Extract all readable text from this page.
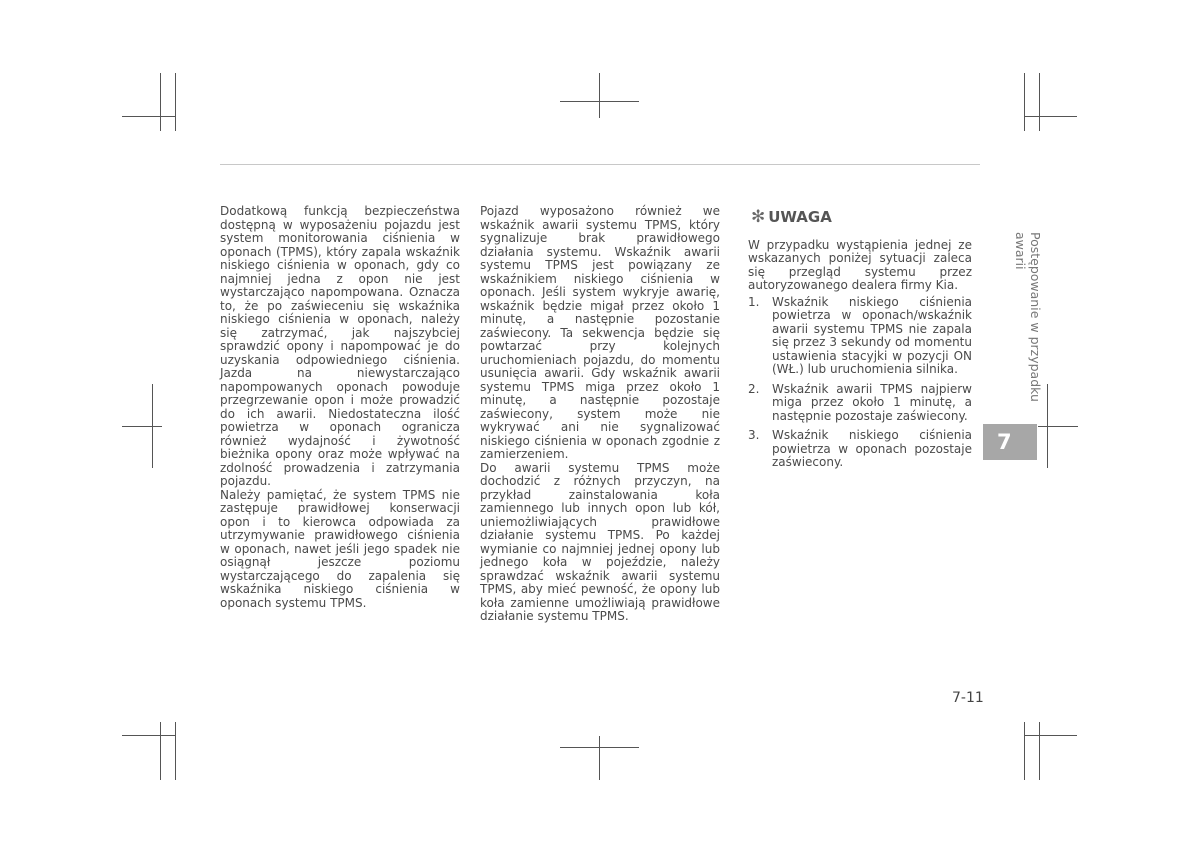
Dodatkową funkcją bezpieczeństwa dostępną w wyposażeniu pojazdu jest system monitorowania ciśnienia w oponach (TPMS), który zapala wskaźnik niskiego ciśnienia w oponach, gdy co najmniej jedna z opon nie jest wystarczająco napompowana. Oznacza to, że po zaświeceniu się wskaźnika niskiego ciśnienia w oponach, należy się zatrzymać, jak najszybciej sprawdzić opony i napompować je do uzyskania odpowiedniego ciśnienia. Jazda na niewystarczająco napompowanych oponach powoduje przegrzewanie opon i może prowadzić do ich awarii. Niedostateczna ilość powietrza w oponach ogranicza również wydajność i żywotność bieżnika opony oraz może wpływać na zdolność prowadzenia i zatrzymania pojazdu.

Należy pamiętać, że system TPMS nie zastępuje prawidłowej konserwacji opon i to kierowca odpowiada za utrzymywanie prawidłowego ciśnienia w oponach, nawet jeśli jego spadek nie osiągnął jeszcze poziomu wystarczającego do zapalenia się wskaźnika niskiego ciśnienia w oponach systemu TPMS.

Pojazd wyposażono również we wskaźnik awarii systemu TPMS, który sygnalizuje brak prawidłowego działania systemu. Wskaźnik awarii systemu TPMS jest powiązany ze wskaźnikiem niskiego ciśnienia w oponach. Jeśli system wykryje awarię, wskaźnik będzie migał przez około 1 minutę, a następnie pozostanie zaświecony. Ta sekwencja będzie się powtarzać przy kolejnych uruchomieniach pojazdu, do momentu usunięcia awarii. Gdy wskaźnik awarii systemu TPMS miga przez około 1 minutę, a następnie pozostaje zaświecony, system może nie wykrywać ani nie sygnalizować niskiego ciśnienia w oponach zgodnie z zamierzeniem.

Do awarii systemu TPMS może dochodzić z różnych przyczyn, na przykład zainstalowania koła zamiennego lub innych opon lub kół, uniemożliwiających prawidłowe działanie systemu TPMS. Po każdej wymianie co najmniej jednej opony lub jednego koła w pojeździe, należy sprawdzać wskaźnik awarii systemu TPMS, aby mieć pewność, że opony lub koła zamienne umożliwiają prawidłowe działanie systemu TPMS.

✻ UWAGA

W przypadku wystąpienia jednej ze wskazanych poniżej sytuacji zaleca się przegląd systemu przez autoryzowanego dealera firmy Kia.

1.	Wskaźnik niskiego ciśnienia powietrza w oponach/wskaźnik awarii systemu TPMS nie zapala się przez 3 sekundy od momentu ustawienia stacyjki w pozycji ON (WŁ.) lub uruchomienia silnika.
2.	Wskaźnik awarii TPMS najpierw miga przez około 1 minutę, a następnie pozostaje zaświecony.
3.	Wskaźnik niskiego ciśnienia powietrza w oponach pozostaje zaświecony.
Postępowanie w przypadku awarii
7
7-11
